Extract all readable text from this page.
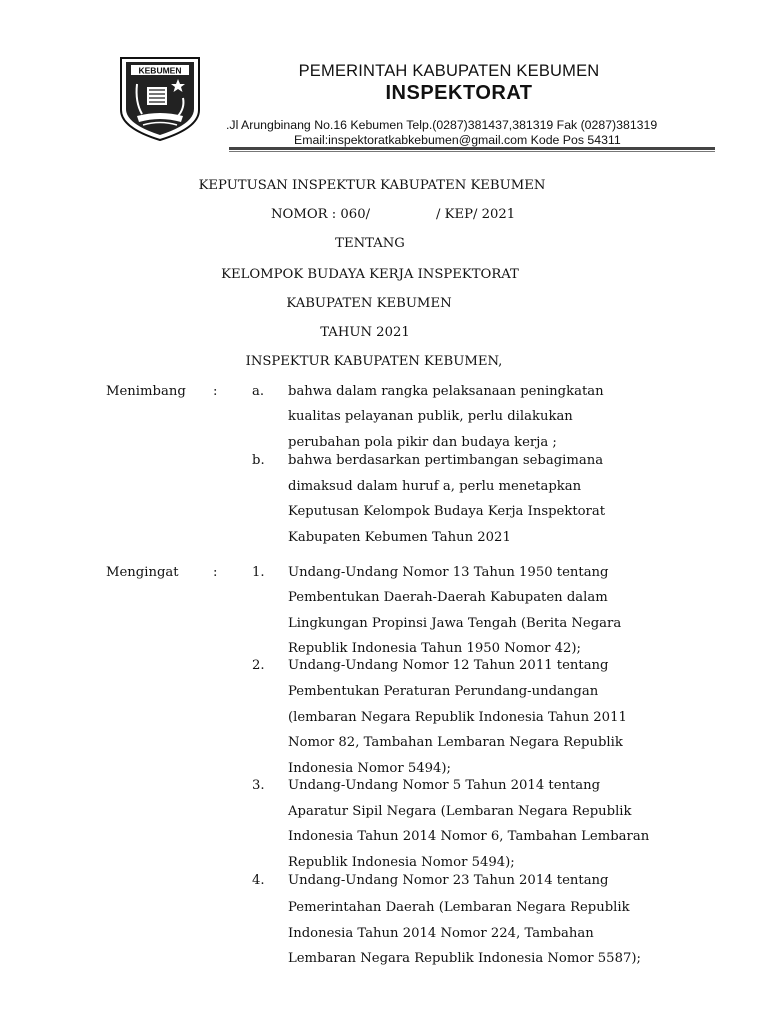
KEBUMEN	PEMERINTAH KABUPATEN KEBUMEN
INSPEKTORAT
.Jl Arungbinang No.16 Kebumen Telp.(0287)381437,381319 Fak (0287)381319
Email:inspektoratkabkebumen@gmail.com Kode Pos 54311
KEPUTUSAN INSPEKTUR KABUPATEN KEBUMEN
NOMOR : 060/	/ KEP/ 2021
TENTANG
KELOMPOK BUDAYA KERJA INSPEKTORAT
KABUPATEN KEBUMEN
TAHUN 2021
INSPEKTUR KABUPATEN KEBUMEN,
Menimbang :	a. bahwa dalam rangka pelaksanaan peningkatan
kualitas pelayanan publik, perlu dilakukan
perubahan pola pikir dan budaya kerja ;
b. bahwa berdasarkan pertimbangan sebagimana
dimaksud dalam huruf a, perlu menetapkan
Keputusan Kelompok Budaya Kerja Inspektorat
Kabupaten Kebumen Tahun 2021
Mengingat	:	1. Undang-Undang Nomor 13 Tahun 1950 tentang
Pembentukan Daerah-Daerah Kabupaten dalam
Lingkungan Propinsi Jawa Tengah (Berita Negara
Republik Indonesia Tahun 1950 Nomor 42);
2. Undang-Undang Nomor 12 Tahun 2011 tentang
Pembentukan Peraturan Perundang-undangan
(lembaran Negara Republik Indonesia Tahun 2011
Nomor 82, Tambahan Lembaran Negara Republik
Indonesia Nomor 5494);
3. Undang-Undang Nomor 5 Tahun 2014 tentang
Aparatur Sipil Negara (Lembaran Negara Republik
Indonesia Tahun 2014 Nomor 6, Tambahan Lembaran
Republik Indonesia Nomor 5494);
4. Undang-Undang Nomor 23 Tahun 2014 tentang
Pemerintahan Daerah (Lembaran Negara Republik
Indonesia Tahun 2014 Nomor 224, Tambahan
Lembaran Negara Republik Indonesia Nomor 5587);
